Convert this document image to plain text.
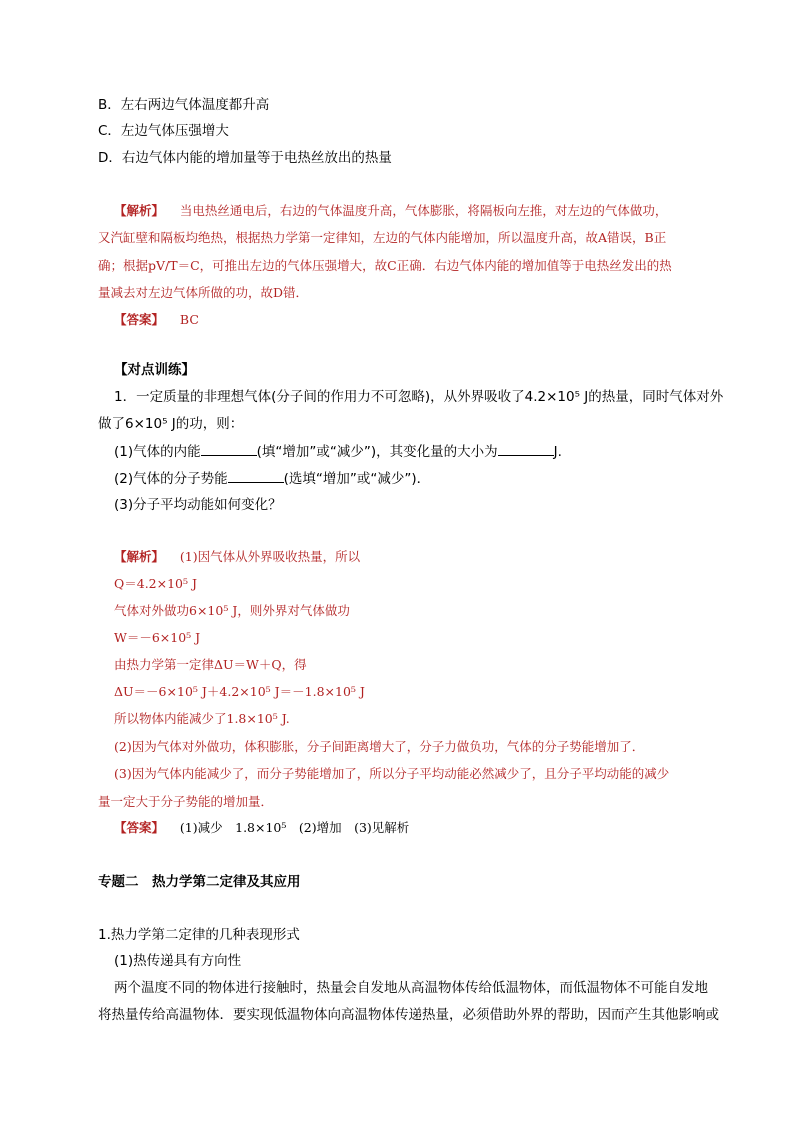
B．左右两边气体温度都升高
C．左边气体压强增大
D．右边气体内能的增加量等于电热丝放出的热量
【解析】 当电热丝通电后，右边的气体温度升高，气体膨胀，将隔板向左推，对左边的气体做功，
又汽缸壁和隔板均绝热，根据热力学第一定律知，左边的气体内能增加，所以温度升高，故A错误，B正
确；根据pV/T＝C，可推出左边的气体压强增大，故C正确．右边气体内能的增加值等于电热丝发出的热
量减去对左边气体所做的功，故D错．
【答案】 BC
【对点训练】
1．一定质量的非理想气体(分子间的作用力不可忽略)，从外界吸收了4.2×10⁵ J的热量，同时气体对外
做了6×10⁵ J的功，则：
(1)气体的内能	(填“增加”或“减少”)，其变化量的大小为	J.
(2)气体的分子势能	(选填“增加”或“减少”)．
(3)分子平均动能如何变化？
【解析】 (1)因气体从外界吸收热量，所以
Q＝4.2×10⁵ J
气体对外做功6×10⁵ J，则外界对气体做功
W＝－6×10⁵ J
由热力学第一定律ΔU＝W＋Q，得
ΔU＝－6×10⁵ J＋4.2×10⁵ J＝－1.8×10⁵ J
所以物体内能减少了1.8×10⁵ J.
(2)因为气体对外做功，体积膨胀，分子间距离增大了，分子力做负功，气体的分子势能增加了．
(3)因为气体内能减少了，而分子势能增加了，所以分子平均动能必然减少了，且分子平均动能的减少
量一定大于分子势能的增加量．
【答案】 (1)减少　1.8×10⁵　(2)增加　(3)见解析
专题二　热力学第二定律及其应用
1.热力学第二定律的几种表现形式
(1)热传递具有方向性
两个温度不同的物体进行接触时，热量会自发地从高温物体传给低温物体，而低温物体不可能自发地
将热量传给高温物体．要实现低温物体向高温物体传递热量，必须借助外界的帮助，因而产生其他影响或
